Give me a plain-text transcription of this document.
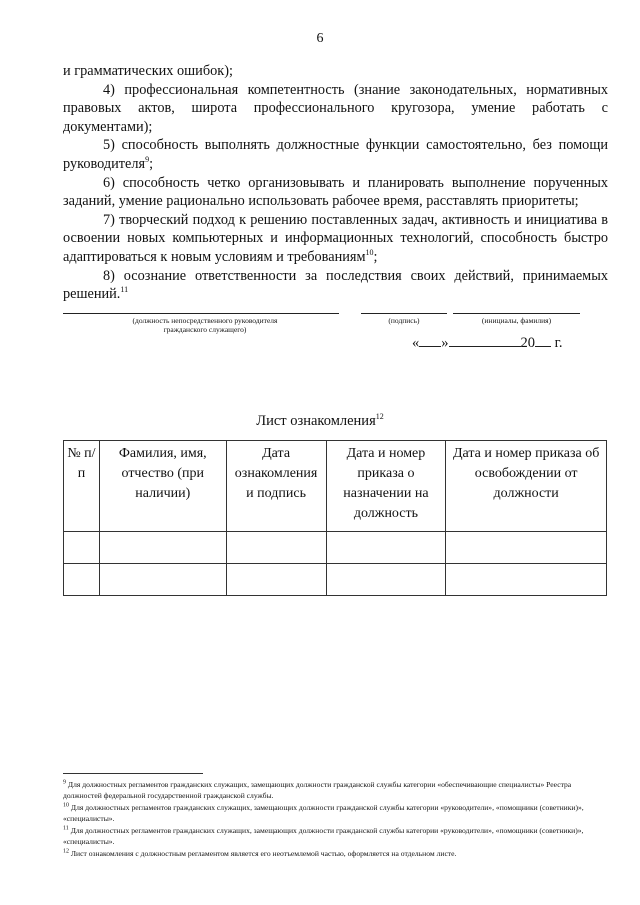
6

и грамматических ошибок);

4) профессиональная компетентность (знание законодательных, нормативных правовых актов, широта профессионального кругозора, умение работать с документами);

5) способность выполнять должностные функции самостоятельно, без помощи руководителя$^9$;

6) способность четко организовывать и планировать выполнение порученных заданий, умение рационально использовать рабочее время, расставлять приоритеты;

7) творческий подход к решению поставленных задач, активность и инициатива в освоении новых компьютерных и информационных технологий, способность быстро адаптироваться к новым условиям и требованиям$^{10}$;

8) осознание ответственности за последствия своих действий, принимаемых решений.$^{11}$

(должность непосредственного руководителя гражданского служащего)
(подпись)	(инициалы, фамилия)
« »	20 г.
Лист ознакомления$^{12}$
№ п/п	Фамилия, имя, отчество (при наличии)	Дата ознакомления и подпись	Дата и номер приказа о назначении на должность	Дата и номер приказа об освобождении от должности

$^9$ Для должностных регламентов гражданских служащих, замещающих должности гражданской службы категории «обеспечивающие специалисты» Реестра должностей федеральной государственной гражданской службы.

$^{10}$ Для должностных регламентов гражданских служащих, замещающих должности гражданской службы категории «руководители», «помощники (советники)», «специалисты».

$^{11}$ Для должностных регламентов гражданских служащих, замещающих должности гражданской службы категории «руководители», «помощники (советники)», «специалисты».

$^{12}$ Лист ознакомления с должностным регламентом является его неотъемлемой частью, оформляется на отдельном листе.
